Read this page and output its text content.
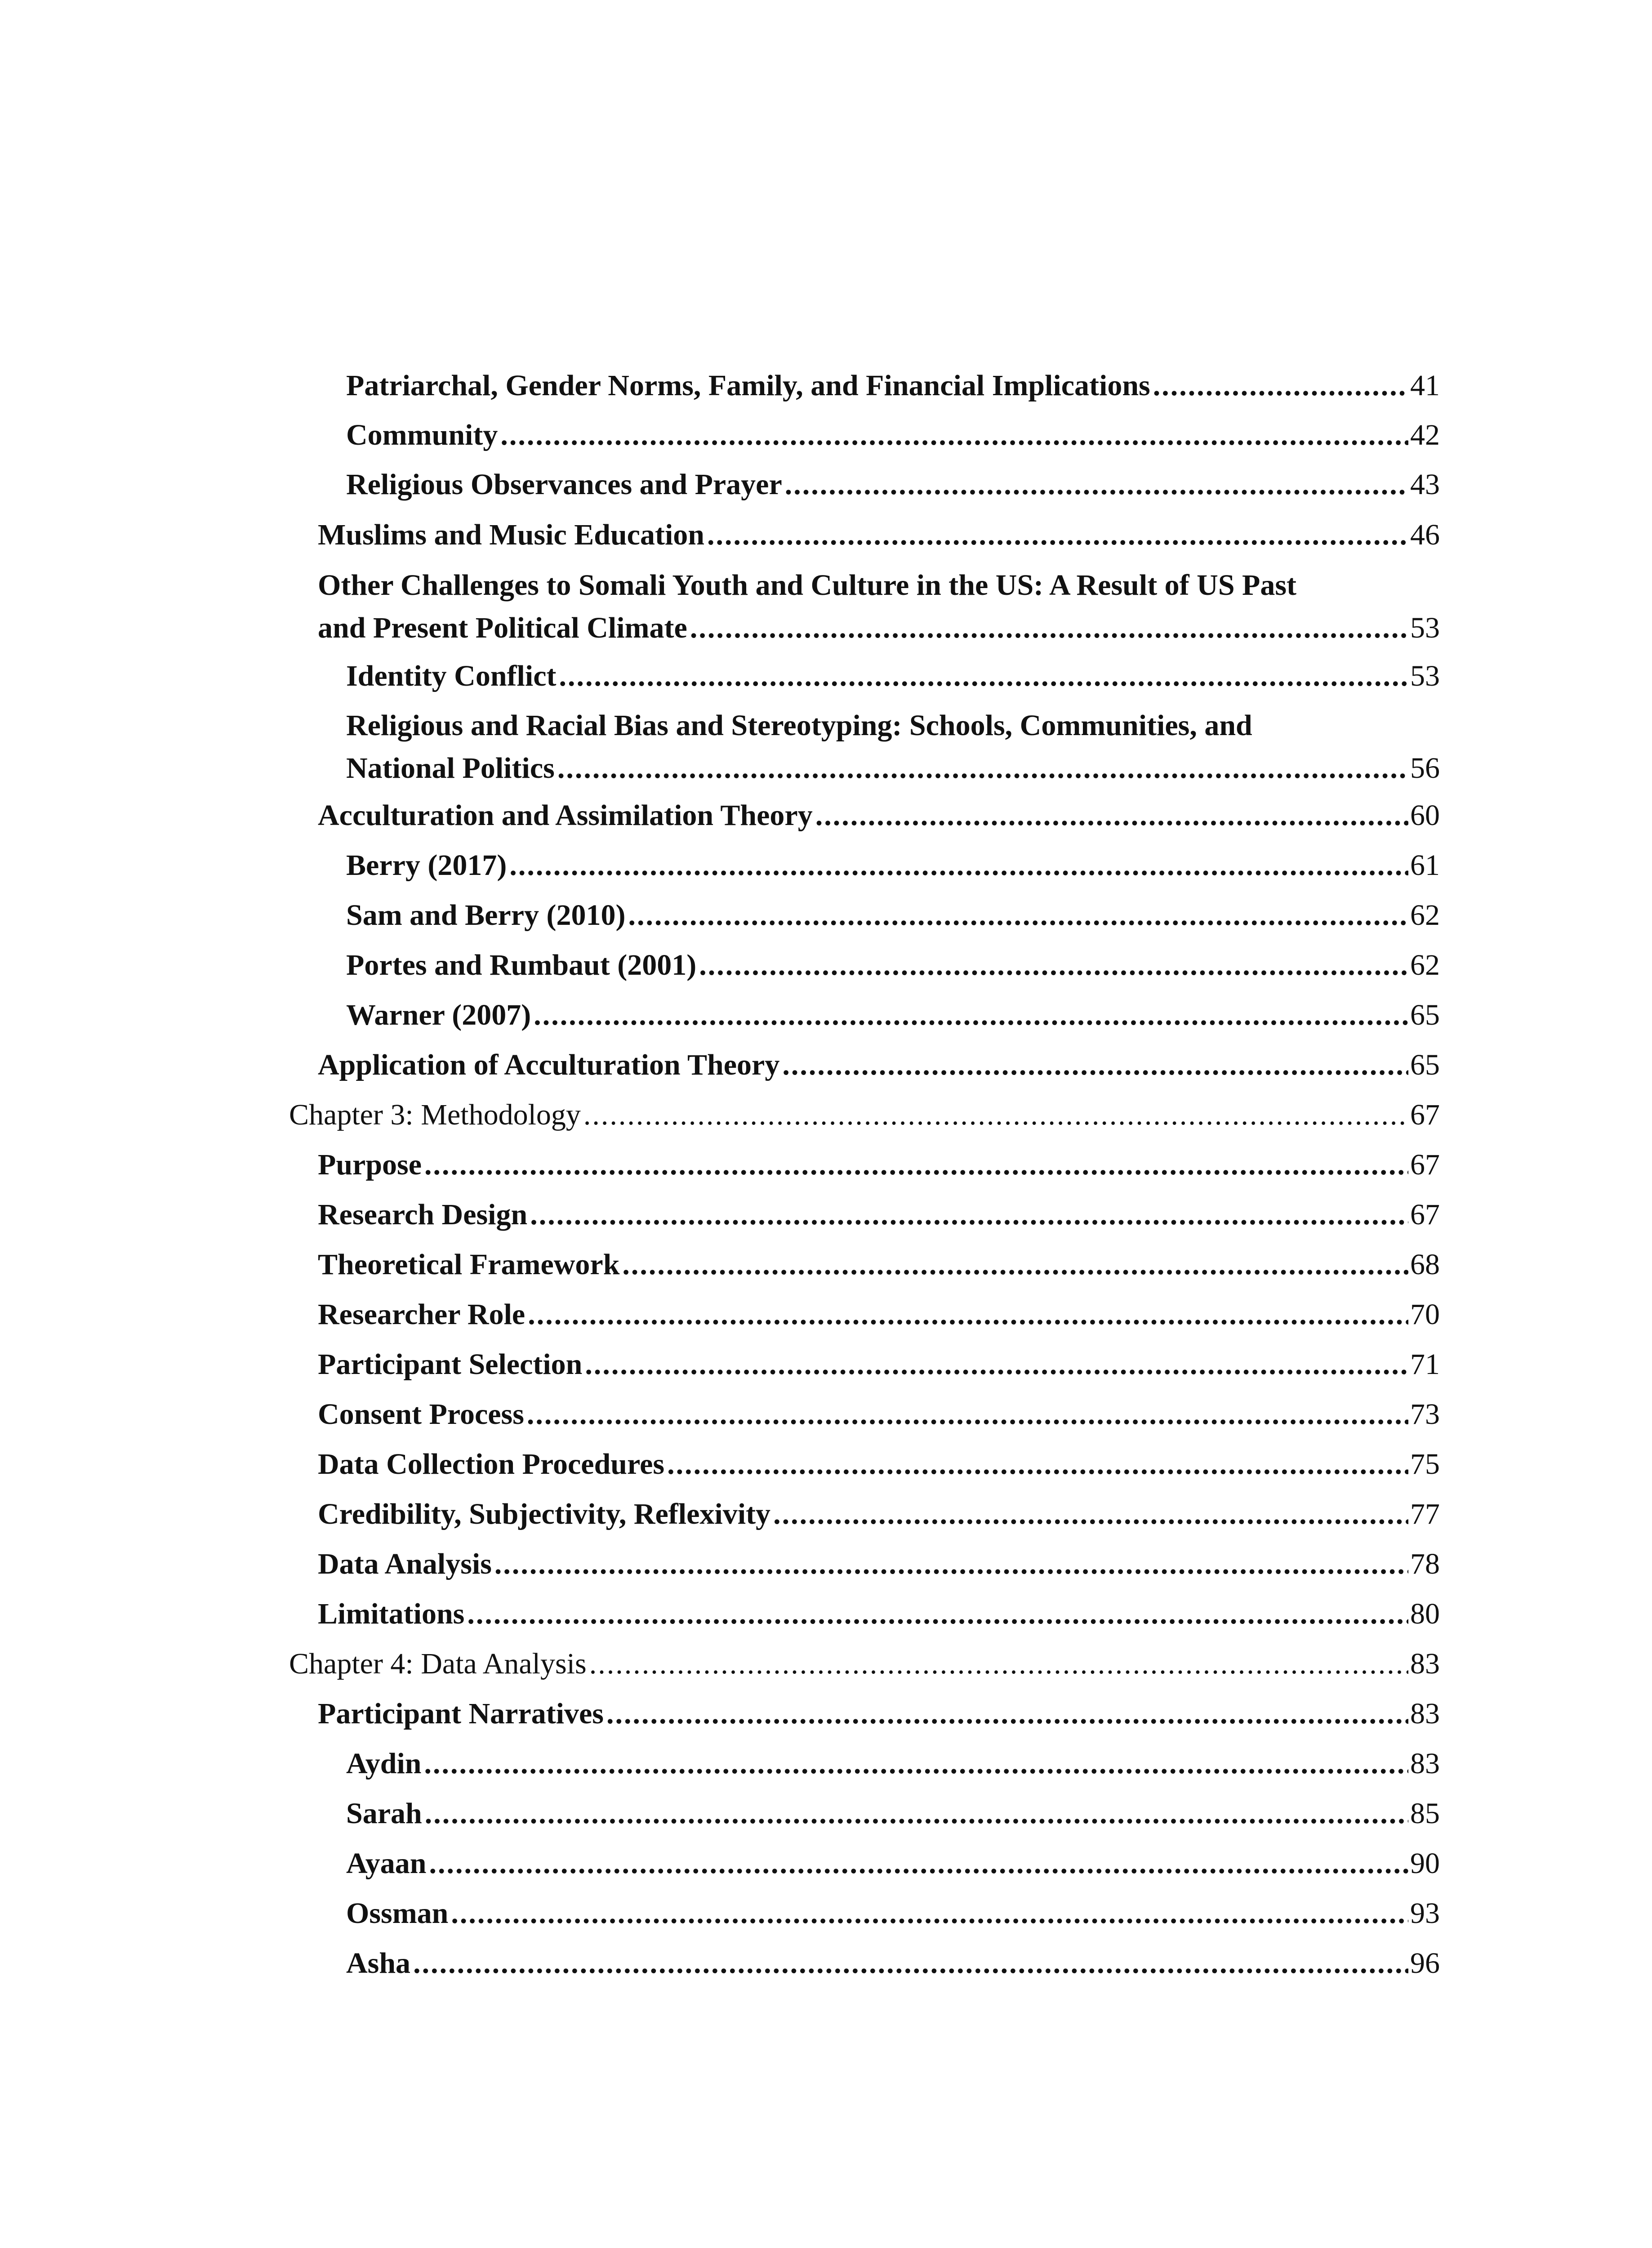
Patriarchal, Gender Norms, Family, and Financial Implications .....	41
Community .....	42
Religious Observances and Prayer .....	43
Muslims and Music Education .....	46
Other Challenges to Somali Youth and Culture in the US: A Result of US Past
and Present Political Climate .....	53
Identity Conflict .....	53
Religious and Racial Bias and Stereotyping: Schools, Communities, and
National Politics .....	56
Acculturation and Assimilation Theory .....	60
Berry (2017) .....	61
Sam and Berry (2010) .....	62
Portes and Rumbaut (2001) .....	62
Warner (2007) .....	65
Application of Acculturation Theory .....	65
Chapter 3: Methodology .....	67
Purpose .....	67
Research Design .....	67
Theoretical Framework .....	68
Researcher Role .....	70
Participant Selection .....	71
Consent Process .....	73
Data Collection Procedures .....	75
Credibility, Subjectivity, Reflexivity .....	77
Data Analysis .....	78
Limitations .....	80
Chapter 4: Data Analysis .....	83
Participant Narratives .....	83
Aydin .....	83
Sarah .....	85
Ayaan .....	90
Ossman .....	93
Asha .....	96
